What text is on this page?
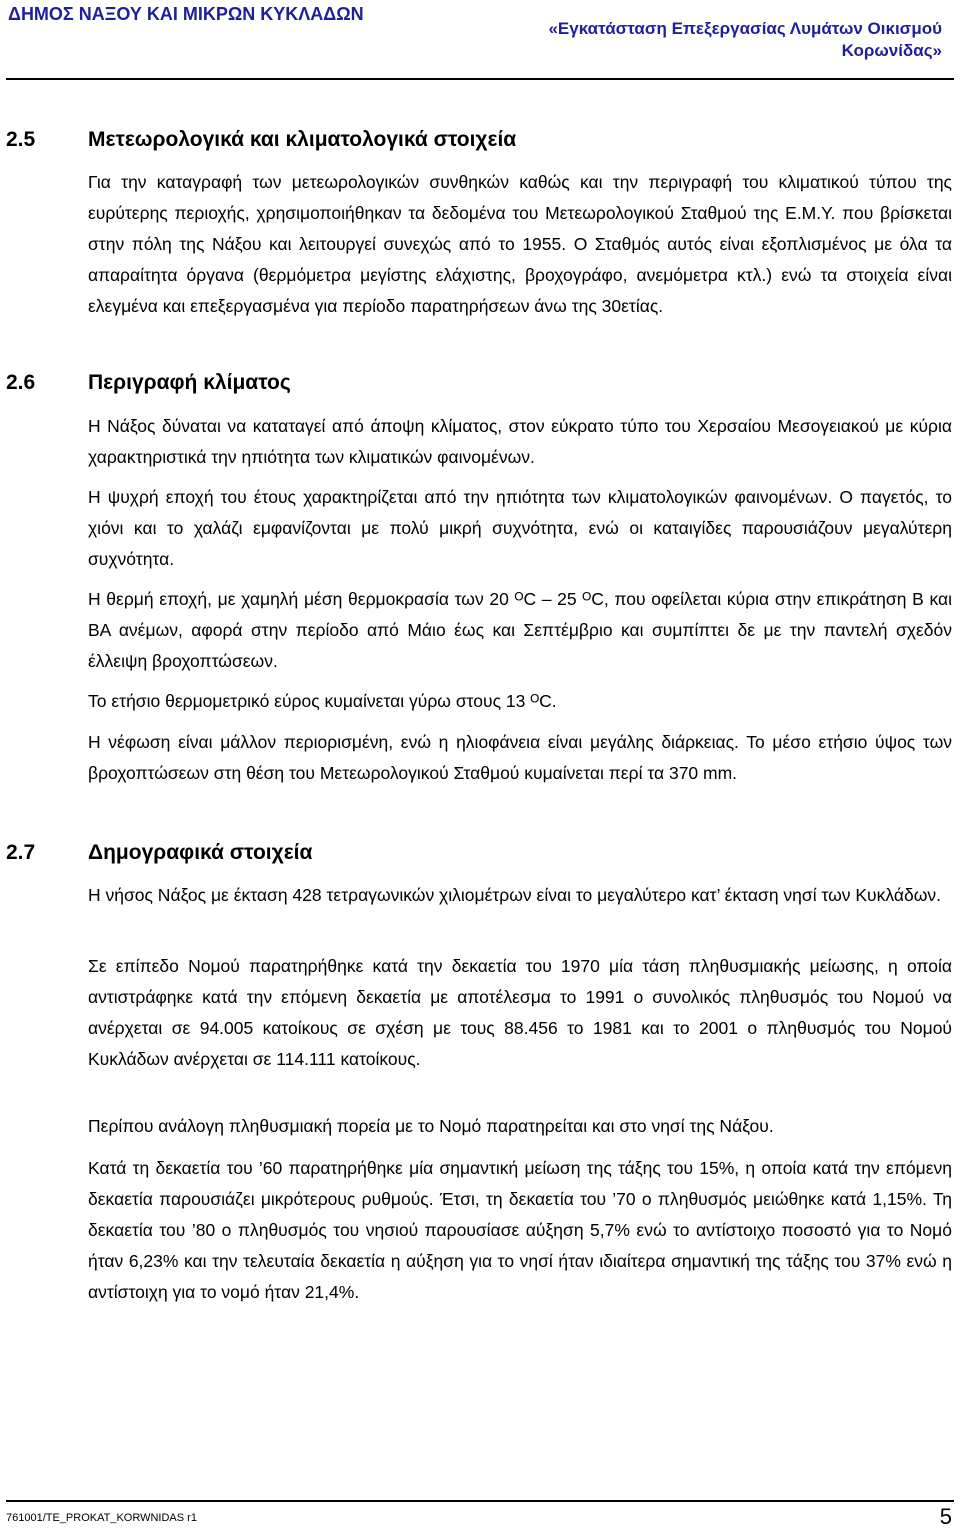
ΔΗΜΟΣ ΝΑΞΟΥ ΚΑΙ ΜΙΚΡΩΝ ΚΥΚΛΑΔΩΝ
«Εγκατάσταση Επεξεργασίας Λυμάτων Οικισμού Κορωνίδας»
2.5	Μετεωρολογικά και κλιματολογικά στοιχεία

Για την καταγραφή των μετεωρολογικών συνθηκών καθώς και την περιγραφή του κλιματικού τύπου της ευρύτερης περιοχής, χρησιμοποιήθηκαν τα δεδομένα του Μετεωρολογικού Σταθμού της Ε.Μ.Υ. που βρίσκεται στην πόλη της Νάξου και λειτουργεί συνεχώς από το 1955. Ο Σταθμός αυτός είναι εξοπλισμένος με όλα τα απαραίτητα όργανα (θερμόμετρα μεγίστης ελάχιστης, βροχογράφο, ανεμόμετρα κτλ.) ενώ τα στοιχεία είναι ελεγμένα και επεξεργασμένα για περίοδο παρατηρήσεων άνω της 30ετίας.

2.6	Περιγραφή κλίματος

Η Νάξος δύναται να καταταγεί από άποψη κλίματος, στον εύκρατο τύπο του Χερσαίου Μεσογειακού με κύρια χαρακτηριστικά την ηπιότητα των κλιματικών φαινομένων.

Η ψυχρή εποχή του έτους χαρακτηρίζεται από την ηπιότητα των κλιματολογικών φαινομένων. Ο παγετός, το χιόνι και το χαλάζι εμφανίζονται με πολύ μικρή συχνότητα, ενώ οι καταιγίδες παρουσιάζουν μεγαλύτερη συχνότητα.

Η θερμή εποχή, με χαμηλή μέση θερμοκρασία των 20 ᴼC – 25 ᴼC, που οφείλεται κύρια στην επικράτηση Β και ΒΑ ανέμων, αφορά στην περίοδο από Μάιο έως και Σεπτέμβριο και συμπίπτει δε με την παντελή σχεδόν έλλειψη βροχοπτώσεων.

Το ετήσιο θερμομετρικό εύρος κυμαίνεται γύρω στους 13 ᴼC.

Η νέφωση είναι μάλλον περιορισμένη, ενώ η ηλιοφάνεια είναι μεγάλης διάρκειας. Το μέσο ετήσιο ύψος των βροχοπτώσεων στη θέση του Μετεωρολογικού Σταθμού κυμαίνεται περί τα 370 mm.

2.7	Δημογραφικά στοιχεία

Η νήσος Νάξος με έκταση 428 τετραγωνικών χιλιομέτρων είναι το μεγαλύτερο κατ’ έκταση νησί των Κυκλάδων.

Σε επίπεδο Νομού παρατηρήθηκε κατά την δεκαετία του 1970 μία τάση πληθυσμιακής μείωσης, η οποία αντιστράφηκε κατά την επόμενη δεκαετία με αποτέλεσμα το 1991 ο συνολικός πληθυσμός του Νομού να ανέρχεται σε 94.005 κατοίκους σε σχέση με τους 88.456 το 1981 και το 2001 ο πληθυσμός του Νομού Κυκλάδων ανέρχεται σε 114.111 κατοίκους.

Περίπου ανάλογη πληθυσμιακή πορεία με το Νομό παρατηρείται και στο νησί της Νάξου.

Κατά τη δεκαετία του ’60 παρατηρήθηκε μία σημαντική μείωση της τάξης του 15%, η οποία κατά την επόμενη δεκαετία παρουσιάζει μικρότερους ρυθμούς. Έτσι, τη δεκαετία του ’70 ο πληθυσμός μειώθηκε κατά 1,15%. Τη δεκαετία του ’80 ο πληθυσμός του νησιού παρουσίασε αύξηση 5,7% ενώ το αντίστοιχο ποσοστό για το Νομό ήταν 6,23% και την τελευταία δεκαετία η αύξηση για το νησί ήταν ιδιαίτερα σημαντική της τάξης του 37% ενώ η αντίστοιχη για το νομό ήταν 21,4%.

761001/TE_PROKAT_KORWNIDAS r1	5
